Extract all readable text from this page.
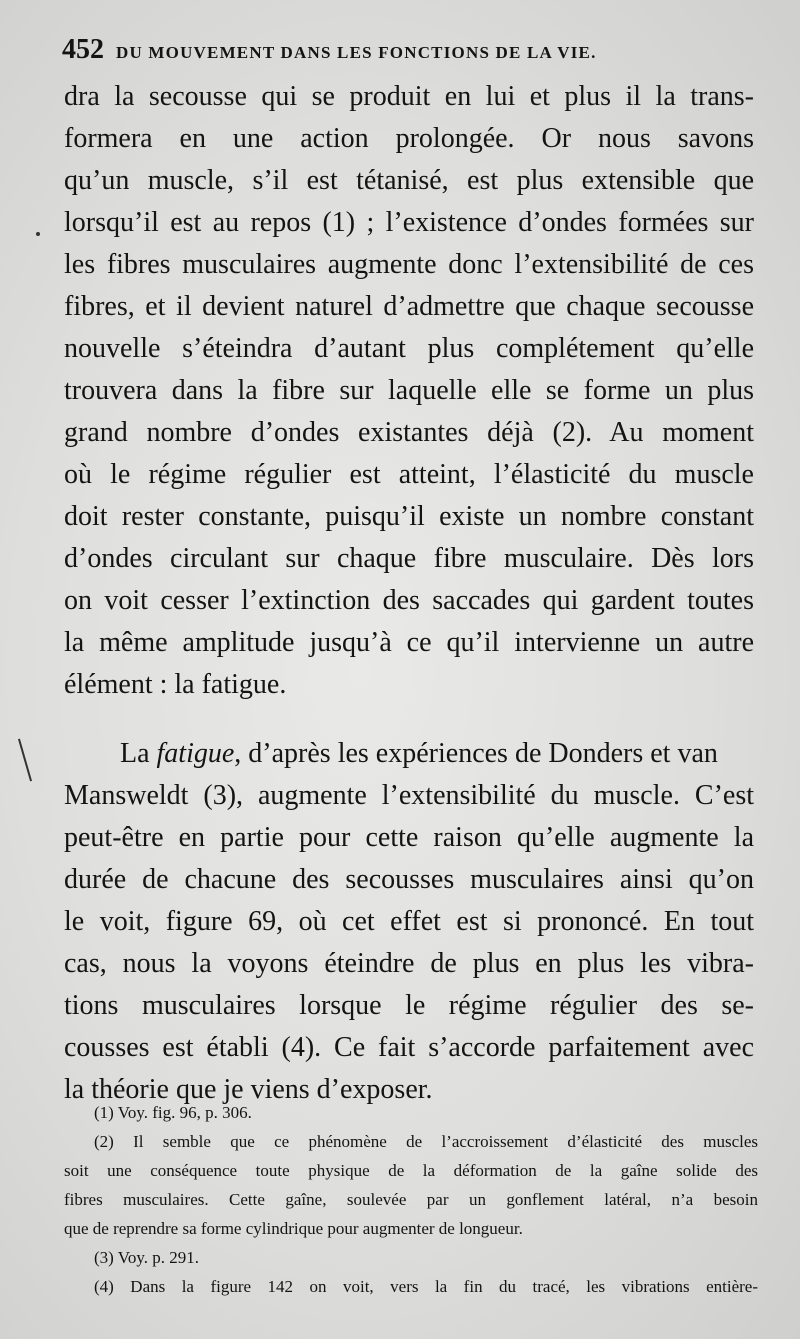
452 DU MOUVEMENT DANS LES FONCTIONS DE LA VIE.
dra la secousse qui se produit en lui et plus il la trans-
formera en une action prolongée. Or nous savons
qu’un muscle, s’il est tétanisé, est plus extensible que
lorsqu’il est au repos (1) ; l’existence d’ondes formées sur
les fibres musculaires augmente donc l’extensibilité de ces
fibres, et il devient naturel d’admettre que chaque secousse
nouvelle s’éteindra d’autant plus complétement qu’elle
trouvera dans la fibre sur laquelle elle se forme un plus
grand nombre d’ondes existantes déjà (2). Au moment
où le régime régulier est atteint, l’élasticité du muscle
doit rester constante, puisqu’il existe un nombre constant
d’ondes circulant sur chaque fibre musculaire. Dès lors
on voit cesser l’extinction des saccades qui gardent toutes
la même amplitude jusqu’à ce qu’il intervienne un autre
élément : la fatigue.
La fatigue, d’après les expériences de Donders et van
Mansweldt (3), augmente l’extensibilité du muscle. C’est
peut-être en partie pour cette raison qu’elle augmente la
durée de chacune des secousses musculaires ainsi qu’on
le voit, figure 69, où cet effet est si prononcé. En tout
cas, nous la voyons éteindre de plus en plus les vibra-
tions musculaires lorsque le régime régulier des se-
cousses est établi (4). Ce fait s’accorde parfaitement avec
la théorie que je viens d’exposer.
(1) Voy. fig. 96, p. 306.
(2) Il semble que ce phénomène de l’accroissement d’élasticité des muscles
soit une conséquence toute physique de la déformation de la gaîne solide des
fibres musculaires. Cette gaîne, soulevée par un gonflement latéral, n’a besoin
que de reprendre sa forme cylindrique pour augmenter de longueur.
(3) Voy. p. 291.
(4) Dans la figure 142 on voit, vers la fin du tracé, les vibrations entière-
